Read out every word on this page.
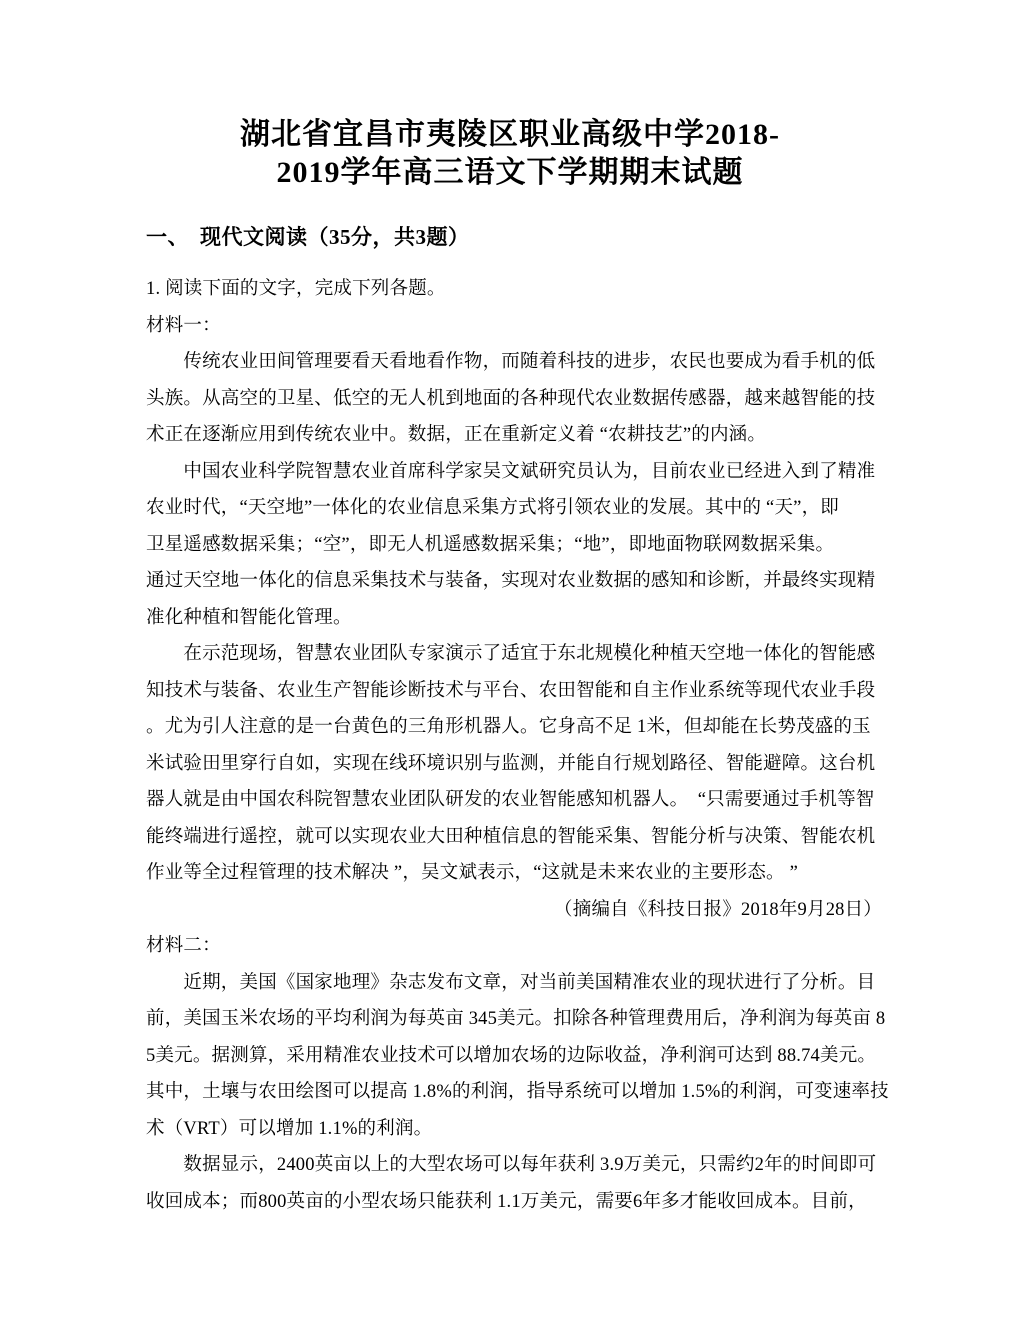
湖北省宜昌市夷陵区职业高级中学2018-
2019学年高三语文下学期期末试题
一、　现代文阅读（35分，共3题）
1. 阅读下面的文字，完成下列各题。
材料一：
　　传统农业田间管理要看天看地看作物，而随着科技的进步，农民也要成为看手机的低
头族。从高空的卫星、低空的无人机到地面的各种现代农业数据传感器，越来越智能的技
术正在逐渐应用到传统农业中。数据，正在重新定义着 “农耕技艺”的内涵。
　　中国农业科学院智慧农业首席科学家吴文斌研究员认为，目前农业已经进入到了精准
农业时代，“天空地”一体化的农业信息采集方式将引领农业的发展。其中的 “天”，即
卫星遥感数据采集；“空”，即无人机遥感数据采集；“地”，即地面物联网数据采集。
通过天空地一体化的信息采集技术与装备，实现对农业数据的感知和诊断，并最终实现精
准化种植和智能化管理。
　　在示范现场，智慧农业团队专家演示了适宜于东北规模化种植天空地一体化的智能感
知技术与装备、农业生产智能诊断技术与平台、农田智能和自主作业系统等现代农业手段
。尤为引人注意的是一台黄色的三角形机器人。它身高不足 1米，但却能在长势茂盛的玉
米试验田里穿行自如，实现在线环境识别与监测，并能自行规划路径、智能避障。这台机
器人就是由中国农科院智慧农业团队研发的农业智能感知机器人。　“只需要通过手机等智
能终端进行遥控，就可以实现农业大田种植信息的智能采集、智能分析与决策、智能农机
作业等全过程管理的技术解决 ”，吴文斌表示，“这就是未来农业的主要形态。 ”
（摘编自《科技日报》2018年9月28日）
材料二：
　　近期，美国《国家地理》杂志发布文章，对当前美国精准农业的现状进行了分析。目
前，美国玉米农场的平均利润为每英亩 345美元。扣除各种管理费用后，净利润为每英亩 8
5美元。据测算，采用精准农业技术可以增加农场的边际收益，净利润可达到 88.74美元。
其中，土壤与农田绘图可以提高 1.8%的利润，指导系统可以增加 1.5%的利润，可变速率技
术（VRT）可以增加 1.1%的利润。
　　数据显示，2400英亩以上的大型农场可以每年获利 3.9万美元，只需约2年的时间即可
收回成本；而800英亩的小型农场只能获利 1.1万美元，需要6年多才能收回成本。目前，
